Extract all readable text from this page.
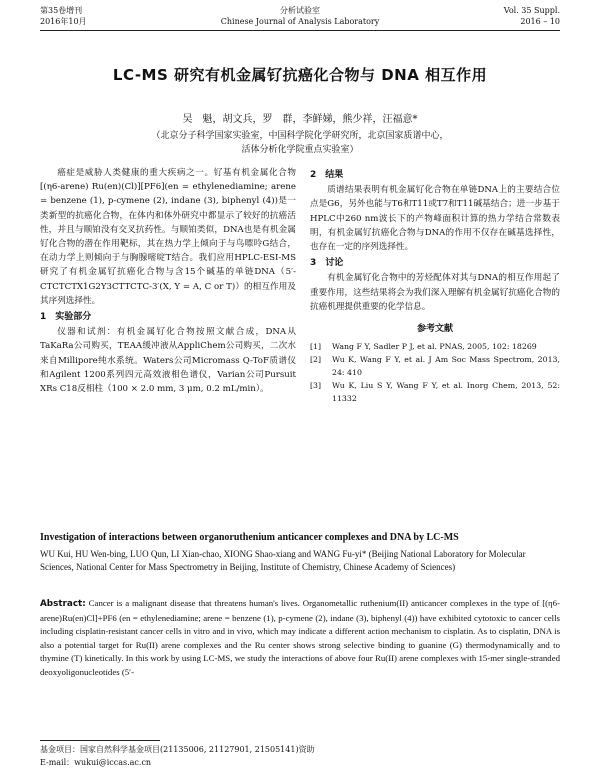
第35卷增刊
2016年10月
分析试验室
Chinese Journal of Analysis Laboratory
Vol. 35 Suppl.
2016 – 10
LC-MS 研究有机金属钌抗癌化合物与 DNA 相互作用
吴　魁，胡文兵，罗　群，李鲜娣，熊少祥，汪福意*
（北京分子科学国家实验室，中国科学院化学研究所，北京国家质谱中心，
活体分析化学院重点实验室）

癌症是威胁人类健康的重大疾病之一。钌基有机金属化合物[(η6-arene) Ru(en)(Cl)][PF6](en = ethylenediamine; arene = benzene (1), p-cymene (2), indane (3), biphenyl (4))是一类新型的抗癌化合物，在体内和体外研究中都显示了较好的抗癌活性，并且与顺铂没有交叉抗药性。与顺铂类似，DNA也是有机金属钌化合物的潜在作用靶标，其在热力学上倾向于与鸟嘌呤G结合，在动力学上则倾向于与胸腺嘧啶T结合。我们应用HPLC-ESI-MS研究了有机金属钌抗癌化合物与含15个碱基的单链DNA（5′-CTCTCTX1G2Y3CTTCTC-3′(X, Y = A, C or T)）的相互作用及其序列选择性。

1　实验部分

仪器和试剂：有机金属钌化合物按照文献合成，DNA从TaKaRa公司购买，TEAA缓冲液从AppliChem公司购买，二次水来自Millipore纯水系统。Waters公司Micromass Q-ToF质谱仪和Agilent 1200系列四元高效液相色谱仪，Varian公司Pursuit XRs C18反相柱（100 × 2.0 mm, 3 μm, 0.2 mL/min）。

2　结果

质谱结果表明有机金属钌化合物在单链DNA上的主要结合位点是G6，另外也能与T6和T11或T7和T11碱基结合；进一步基于HPLC中260 nm波长下的产物峰面积计算的热力学结合常数表明，有机金属钌抗癌化合物与DNA的作用不仅存在碱基选择性，也存在一定的序列选择性。

3　讨论

有机金属钌化合物中的芳烃配体对其与DNA的相互作用起了重要作用，这些结果将会为我们深入理解有机金属钌抗癌化合物的抗癌机理提供重要的化学信息。

参考文献
[1]	Wang F Y, Sadler P J, et al. PNAS, 2005, 102: 18269
[2]	Wu K, Wang F Y, et al. J Am Soc Mass Spectrom, 2013, 24: 410
[3]	Wu K, Liu S Y, Wang F Y, et al. Inorg Chem, 2013, 52: 11332
Investigation of interactions between organoruthenium anticancer complexes and DNA by LC-MS
WU Kui, HU Wen-bing, LUO Qun, LI Xian-chao, XIONG Shao-xiang and WANG Fu-yi* (Beijing National Laboratory for Molecular Sciences, National Center for Mass Spectrometry in Beijing, Institute of Chemistry, Chinese Academy of Sciences)
Abstract: Cancer is a malignant disease that threatens human's lives. Organometallic ruthenium(II) anticancer complexes in the type of [(η6-arene)Ru(en)Cl]+PF6 (en = ethylenediamine; arene = benzene (1), p-cymene (2), indane (3), biphenyl (4)) have exhibited cytotoxic to cancer cells including cisplatin-resistant cancer cells in vitro and in vivo, which may indicate a different action mechanism to cisplatin. As to cisplatin, DNA is also a potential target for Ru(II) arene complexes and the Ru center shows strong selective binding to guanine (G) thermodynamically and to thymine (T) kinetically. In this work by using LC-MS, we study the interactions of above four Ru(II) arene complexes with 15-mer single-stranded deoxyoligonucleotides (5′-
基金项目：国家自然科学基金项目(21135006, 21127901, 21505141)资助
E-mail：wukui@iccas.ac.cn
